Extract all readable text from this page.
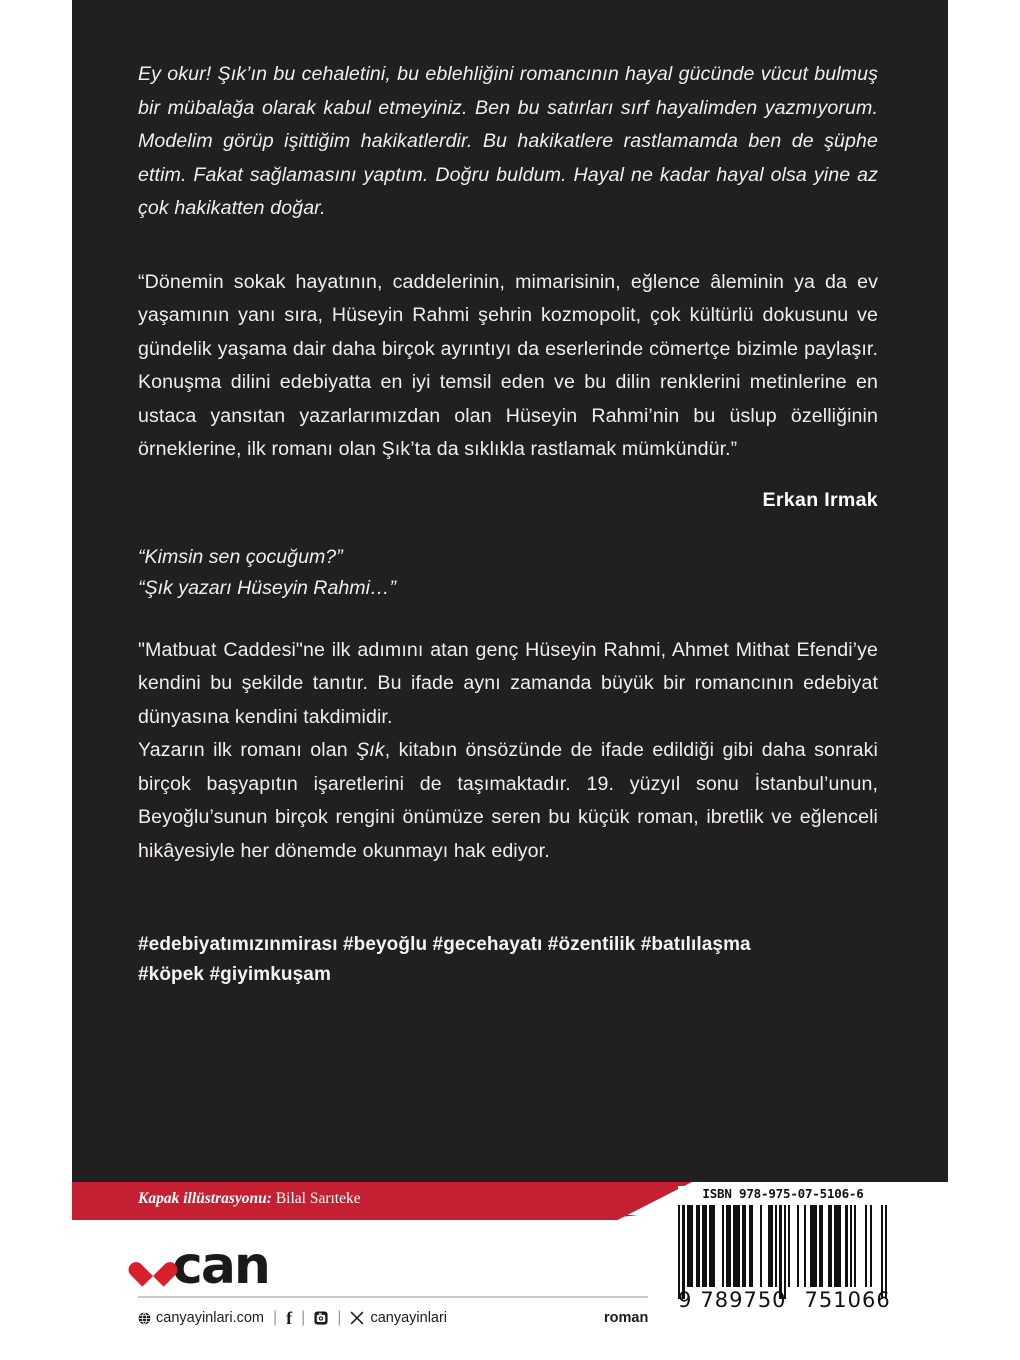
Ey okur! Şık’ın bu cehaletini, bu eblehliğini romancının hayal gücünde vücut bulmuş bir mübalağa olarak kabul etmeyiniz. Ben bu satırları sırf hayalimden yazmıyorum. Modelim görüp işittiğim hakikatlerdir. Bu hakikatlere rastlamamda ben de şüphe ettim. Fakat sağlamasını yaptım. Doğru buldum. Hayal ne kadar hayal olsa yine az çok hakikatten doğar.

“Dönemin sokak hayatının, caddelerinin, mimarisinin, eğlence âleminin ya da ev yaşamının yanı sıra, Hüseyin Rahmi şehrin kozmopolit, çok kültürlü dokusunu ve gündelik yaşama dair daha birçok ayrıntıyı da eserlerinde cömertçe bizimle paylaşır. Konuşma dilini edebiyatta en iyi temsil eden ve bu dilin renklerini metinlerine en ustaca yansıtan yazarlarımızdan olan Hüseyin Rahmi’nin bu üslup özelliğinin örneklerine, ilk romanı olan Şık’ta da sıklıkla rastlamak mümkündür.”

Erkan Irmak

“Kimsin sen çocuğum?”

“Şık yazarı Hüseyin Rahmi…”

"Matbuat Caddesi"ne ilk adımını atan genç Hüseyin Rahmi, Ahmet Mithat Efendi’ye kendini bu şekilde tanıtır. Bu ifade aynı zamanda büyük bir romancının edebiyat dünyasına kendini takdimidir.

Yazarın ilk romanı olan Şık, kitabın önsözünde de ifade edildiği gibi daha sonraki birçok başyapıtın işaretlerini de taşımaktadır. 19. yüzyıl sonu İstanbul’unun, Beyoğlu’sunun birçok rengini önümüze seren bu küçük roman, ibretlik ve eğlenceli hikâyesiyle her dönemde okunmayı hak ediyor.

#edebiyatımızınmirası #beyoğlu #gecehayatı #özentilik #batılılaşma

#köpek #giyimkuşam

Kapak illüstrasyonu: Bilal Sarıteke
can
canyayinlari.com | f | | canyayinlari	roman
ISBN 978-975-07-5106-6
9 789750 751066
